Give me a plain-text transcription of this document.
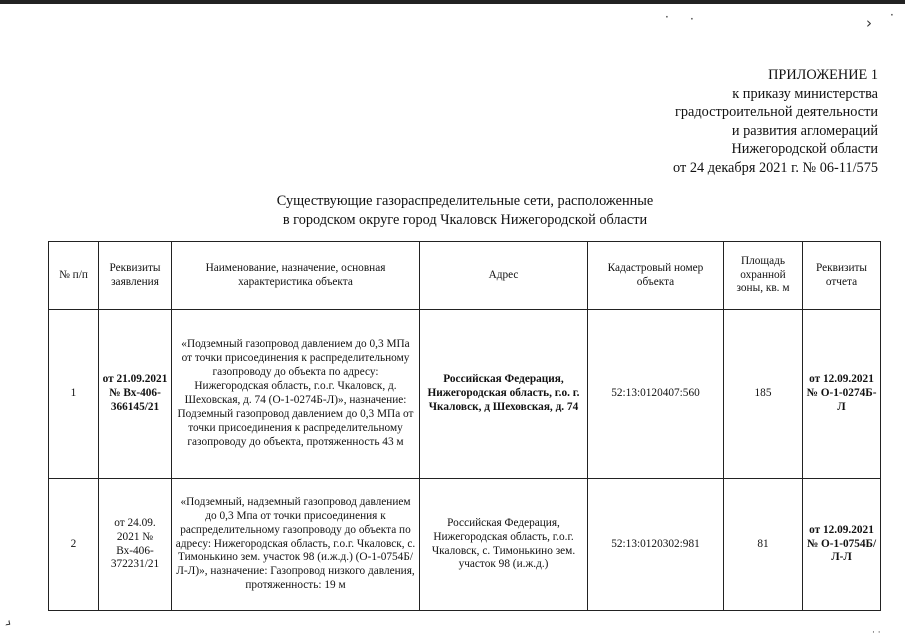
· ·	› ·
›
· ·
ПРИЛОЖЕНИЕ 1
к приказу министерства
градостроительной деятельности
и развития агломераций
Нижегородской области
от 24 декабря 2021 г. № 06-11/575
Существующие газораспределительные сети, расположенные
в городском округе город Чкаловск Нижегородской области
№ п/п	Реквизиты заявления	Наименование, назначение, основная характеристика объекта	Адрес	Кадастровый номер объекта	Площадь охранной зоны, кв. м	Реквизиты отчета
1	от 21.09.2021 № Вх-406-366145/21	«Подземный газопровод давлением до 0,3 МПа от точки присоединения к распределительному газопроводу до объекта по адресу: Нижегородская область, г.о.г. Чкаловск, д. Шеховская, д. 74 (О-1-0274Б-Л)», назначение: Подземный газопровод давлением до 0,3 МПа от точки присоединения к распределительному газопроводу до объекта, протяженность 43 м	Российская Федерация, Нижегородская область, г.о. г. Чкаловск, д Шеховская, д. 74	52:13:0120407:560	185	от 12.09.2021 № О-1-0274Б-Л
2	от 24.09. 2021 № Вх-406-372231/21	«Подземный, надземный газопровод давлением до 0,3 Мпа от точки присоединения к распределительному газопроводу до объекта по адресу: Нижегородская область, г.о.г. Чкаловск, с. Тимонькино зем. участок 98 (и.ж.д.) (О-1-0754Б/Л-Л)», назначение: Газопровод низкого давления, протяженность: 19 м	Российская Федерация, Нижегородская область, г.о.г. Чкаловск, с. Тимонькино зем. участок 98 (и.ж.д.)	52:13:0120302:981	81	от 12.09.2021 № О-1-0754Б/Л-Л
